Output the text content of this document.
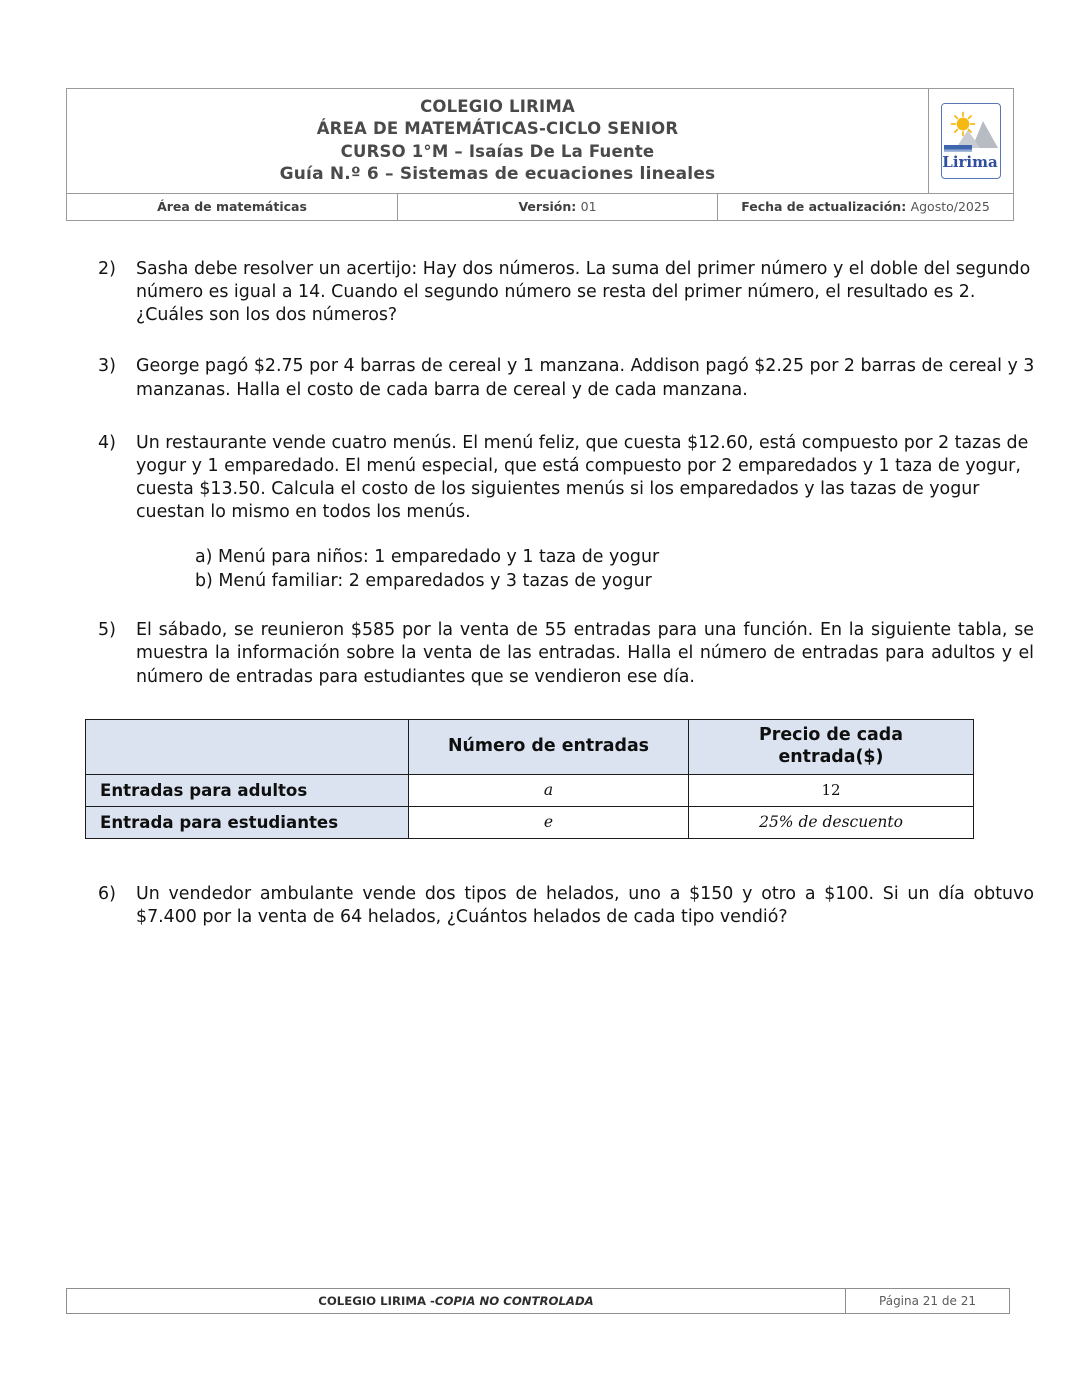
COLEGIO LIRIMA
ÁREA DE MATEMÁTICAS-CICLO SENIOR
CURSO 1°M – Isaías De La Fuente
Guía N.º 6 – Sistemas de ecuaciones lineales
Lirima
Área de matemáticas	Versión: 01	Fecha de actualización: Agosto/2025
2) Sasha debe resolver un acertijo: Hay dos números. La suma del primer número y el doble del segundo número es igual a 14. Cuando el segundo número se resta del primer número, el resultado es 2. ¿Cuáles son los dos números?
3) George pagó $2.75 por 4 barras de cereal y 1 manzana. Addison pagó $2.25 por 2 barras de cereal y 3 manzanas. Halla el costo de cada barra de cereal y de cada manzana.
4) Un restaurante vende cuatro menús. El menú feliz, que cuesta $12.60, está compuesto por 2 tazas de yogur y 1 emparedado. El menú especial, que está compuesto por 2 emparedados y 1 taza de yogur, cuesta $13.50. Calcula el costo de los siguientes menús si los emparedados y las tazas de yogur cuestan lo mismo en todos los menús.
a) Menú para niños: 1 emparedado y 1 taza de yogur
b) Menú familiar: 2 emparedados y 3 tazas de yogur
5) El sábado, se reunieron $585 por la venta de 55 entradas para una función. En la siguiente tabla, se muestra la información sobre la venta de las entradas. Halla el número de entradas para adultos y el número de entradas para estudiantes que se vendieron ese día.
	Número de entradas	Precio de cada
entrada($)

Entradas para adultos	a	12
Entrada para estudiantes	e	25% de descuento
6) Un vendedor ambulante vende dos tipos de helados, uno a $150 y otro a $100. Si un día obtuvo $7.400 por la venta de 64 helados, ¿Cuántos helados de cada tipo vendió?
COLEGIO LIRIMA - COPIA NO CONTROLADA	Página 21 de 21
